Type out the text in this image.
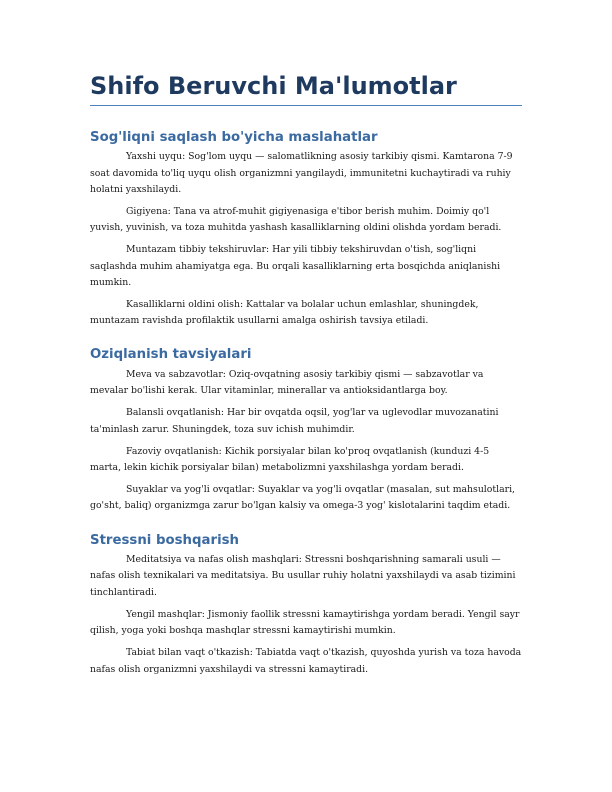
Shifo Beruvchi Ma'lumotlar
Sog'liqni saqlash bo'yicha maslahatlar

Yaxshi uyqu: Sog'lom uyqu — salomatlikning asosiy tarkibiy qismi. Kamtarona 7-9 soat davomida to'liq uyqu olish organizmni yangilaydi, immunitetni kuchaytiradi va ruhiy holatni yaxshilaydi.

Gigiyena: Tana va atrof-muhit gigiyenasiga e'tibor berish muhim. Doimiy qo'l yuvish, yuvinish, va toza muhitda yashash kasalliklarning oldini olishda yordam beradi.

Muntazam tibbiy tekshiruvlar: Har yili tibbiy tekshiruvdan o'tish, sog'liqni saqlashda muhim ahamiyatga ega. Bu orqali kasalliklarning erta bosqichda aniqlanishi mumkin.

Kasalliklarni oldini olish: Kattalar va bolalar uchun emlashlar, shuningdek, muntazam ravishda profilaktik usullarni amalga oshirish tavsiya etiladi.

Oziqlanish tavsiyalari

Meva va sabzavotlar: Oziq-ovqatning asosiy tarkibiy qismi — sabzavotlar va mevalar bo'lishi kerak. Ular vitaminlar, minerallar va antioksidantlarga boy.

Balansli ovqatlanish: Har bir ovqatda oqsil, yog'lar va uglevodlar muvozanatini ta'minlash zarur. Shuningdek, toza suv ichish muhimdir.

Fazoviy ovqatlanish: Kichik porsiyalar bilan ko'proq ovqatlanish (kunduzi 4-5 marta, lekin kichik porsiyalar bilan) metabolizmni yaxshilashga yordam beradi.

Suyaklar va yog'li ovqatlar: Suyaklar va yog'li ovqatlar (masalan, sut mahsulotlari, go'sht, baliq) organizmga zarur bo'lgan kalsiy va omega-3 yog' kislotalarini taqdim etadi.

Stressni boshqarish

Meditatsiya va nafas olish mashqlari: Stressni boshqarishning samarali usuli — nafas olish texnikalari va meditatsiya. Bu usullar ruhiy holatni yaxshilaydi va asab tizimini tinchlantiradi.

Yengil mashqlar: Jismoniy faollik stressni kamaytirishga yordam beradi. Yengil sayr qilish, yoga yoki boshqa mashqlar stressni kamaytirishi mumkin.

Tabiat bilan vaqt o'tkazish: Tabiatda vaqt o'tkazish, quyoshda yurish va toza havoda nafas olish organizmni yaxshilaydi va stressni kamaytiradi.
